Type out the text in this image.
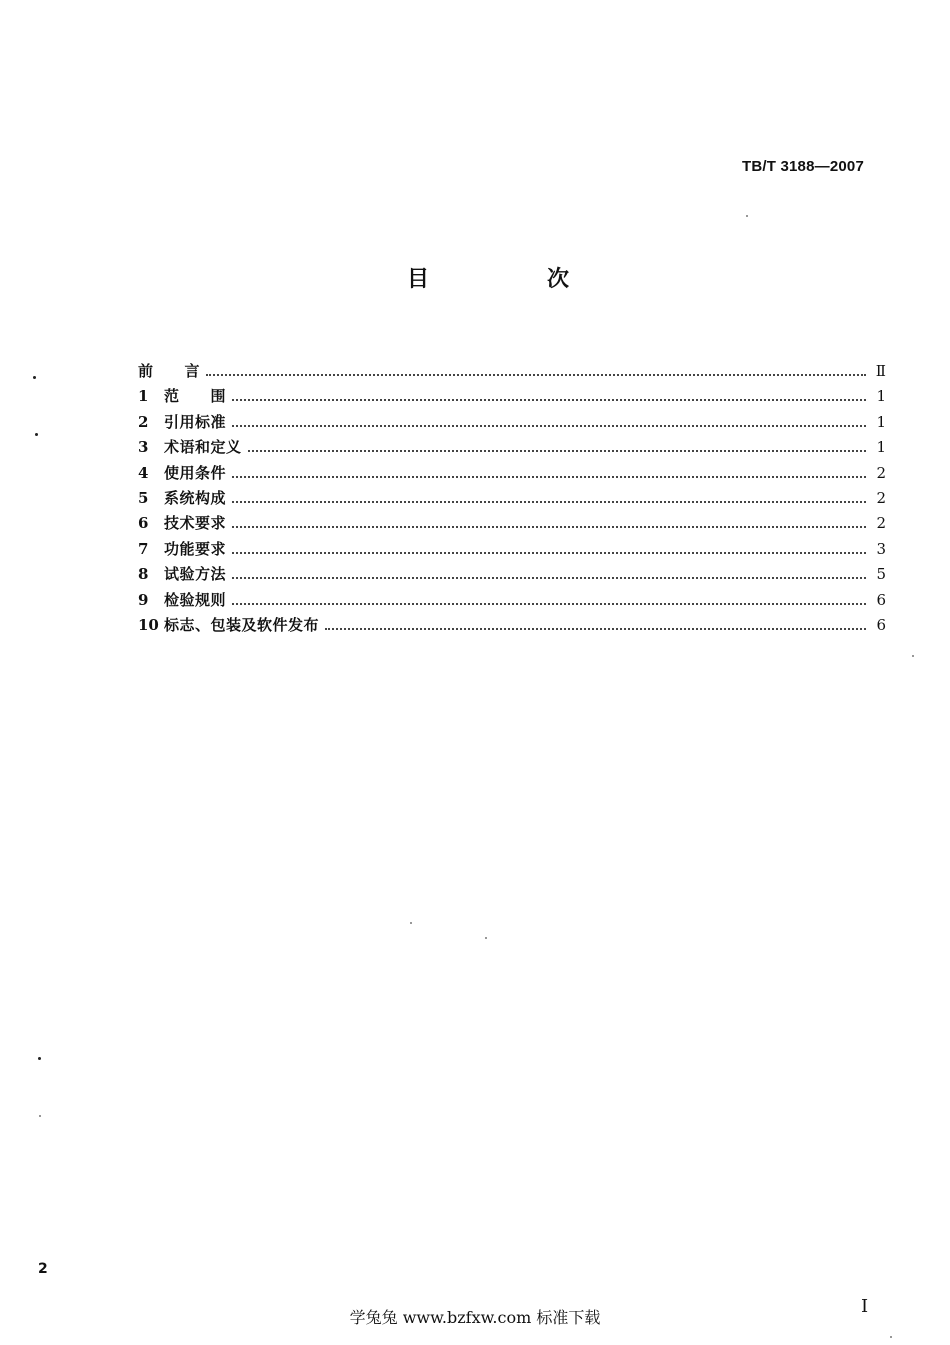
TB/T 3188—2007
目　次
前　　言	Ⅱ
1	范　　围	1
2	引用标准	1
3	术语和定义	1
4	使用条件	2
5	系统构成	2
6	技术要求	2
7	功能要求	3
8	试验方法	5
9	检验规则	6
10 标志、包装及软件发布	6
2
I
学兔兔 www.bzfxw.com 标准下载
